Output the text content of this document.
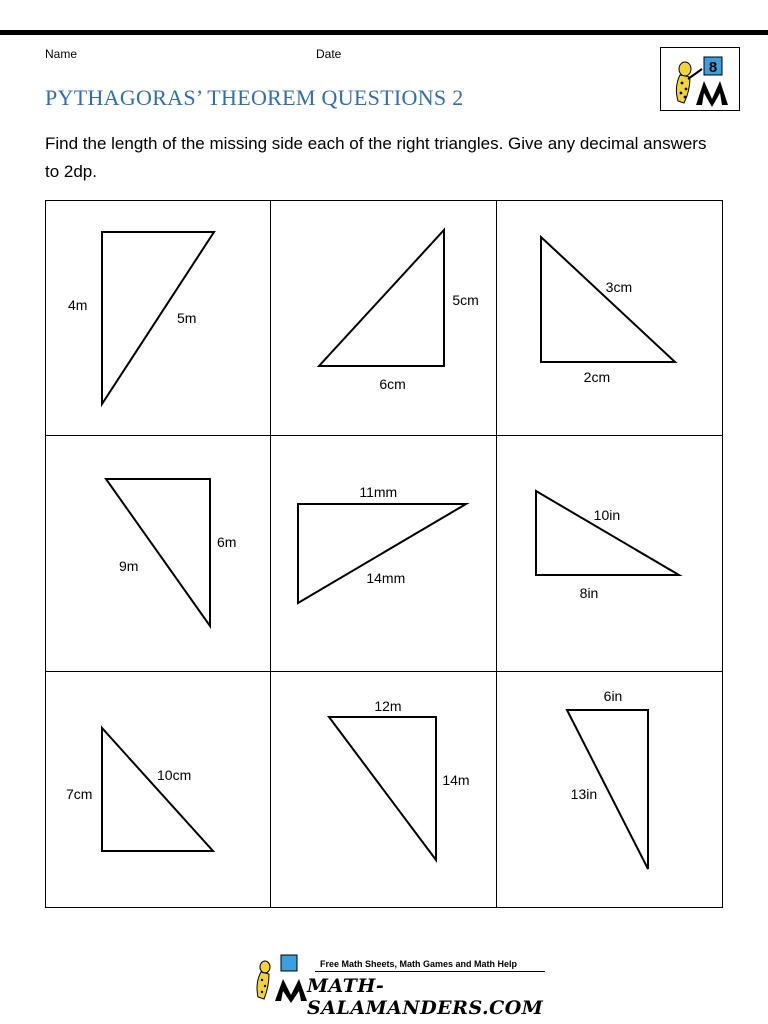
Name	Date
PYTHAGORAS’ THEOREM QUESTIONS 2
8
Find the length of the missing side each of the right triangles. Give any decimal answers to 2dp.
4m
5m
5cm
6cm
3cm
2cm
6m
9m
11mm
14mm
10in
8in
7cm
10cm
12m
14m
6in
13in
Free Math Sheets, Math Games and Math Help
MATH-SALAMANDERS.COM
